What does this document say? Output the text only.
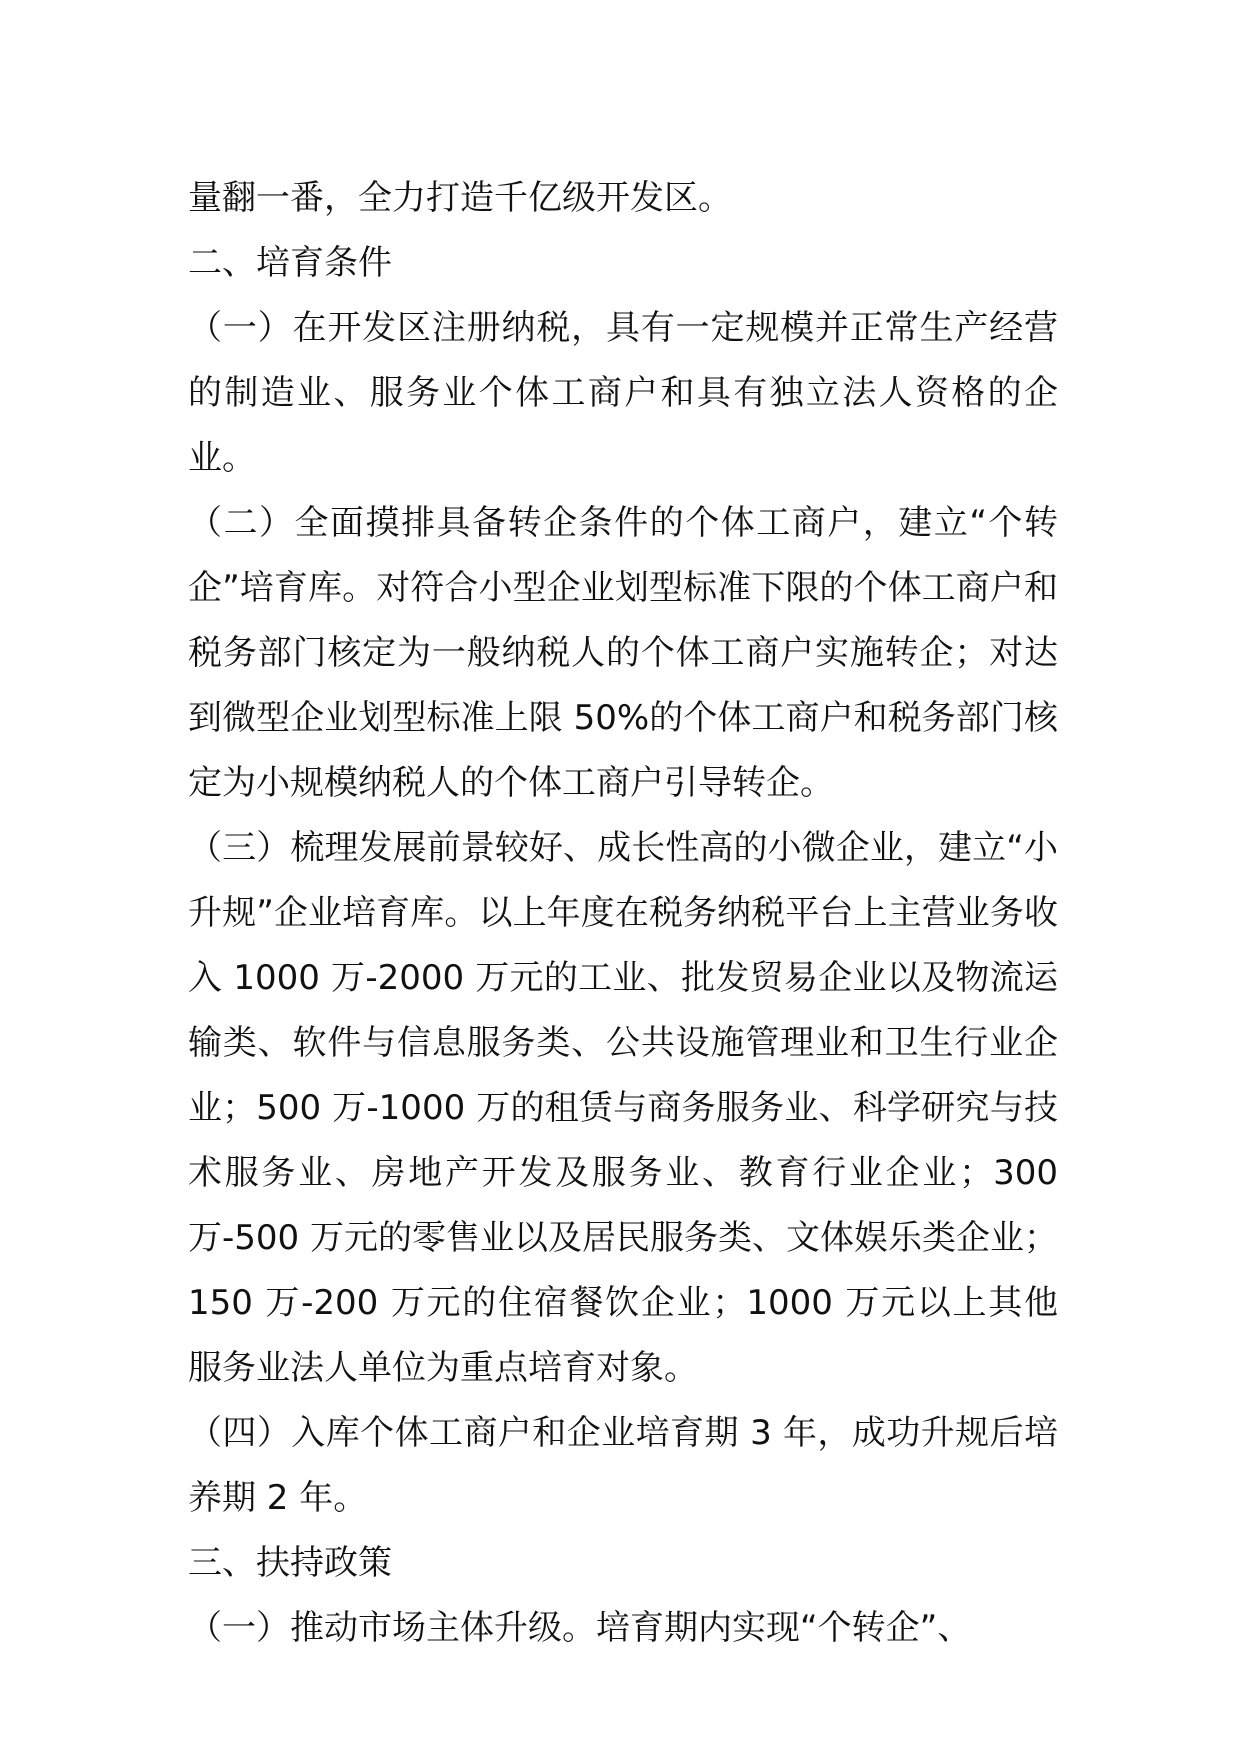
量翻一番，全力打造千亿级开发区。

二、培育条件

（一）在开发区注册纳税，具有一定规模并正常生产经营的制造业、服务业个体工商户和具有独立法人资格的企业。

（二）全面摸排具备转企条件的个体工商户，建立“个转企”培育库。对符合小型企业划型标准下限的个体工商户和税务部门核定为一般纳税人的个体工商户实施转企；对达到微型企业划型标准上限 50%的个体工商户和税务部门核定为小规模纳税人的个体工商户引导转企。

（三）梳理发展前景较好、成长性高的小微企业，建立“小升规”企业培育库。以上年度在税务纳税平台上主营业务收入 1000 万-2000 万元的工业、批发贸易企业以及物流运输类、软件与信息服务类、公共设施管理业和卫生行业企业；500 万-1000 万的租赁与商务服务业、科学研究与技术服务业、房地产开发及服务业、教育行业企业；300 万-500 万元的零售业以及居民服务类、文体娱乐类企业；150 万-200 万元的住宿餐饮企业；1000 万元以上其他服务业法人单位为重点培育对象。

（四）入库个体工商户和企业培育期 3 年，成功升规后培养期 2 年。

三、扶持政策

（一）推动市场主体升级。培育期内实现“个转企”、
